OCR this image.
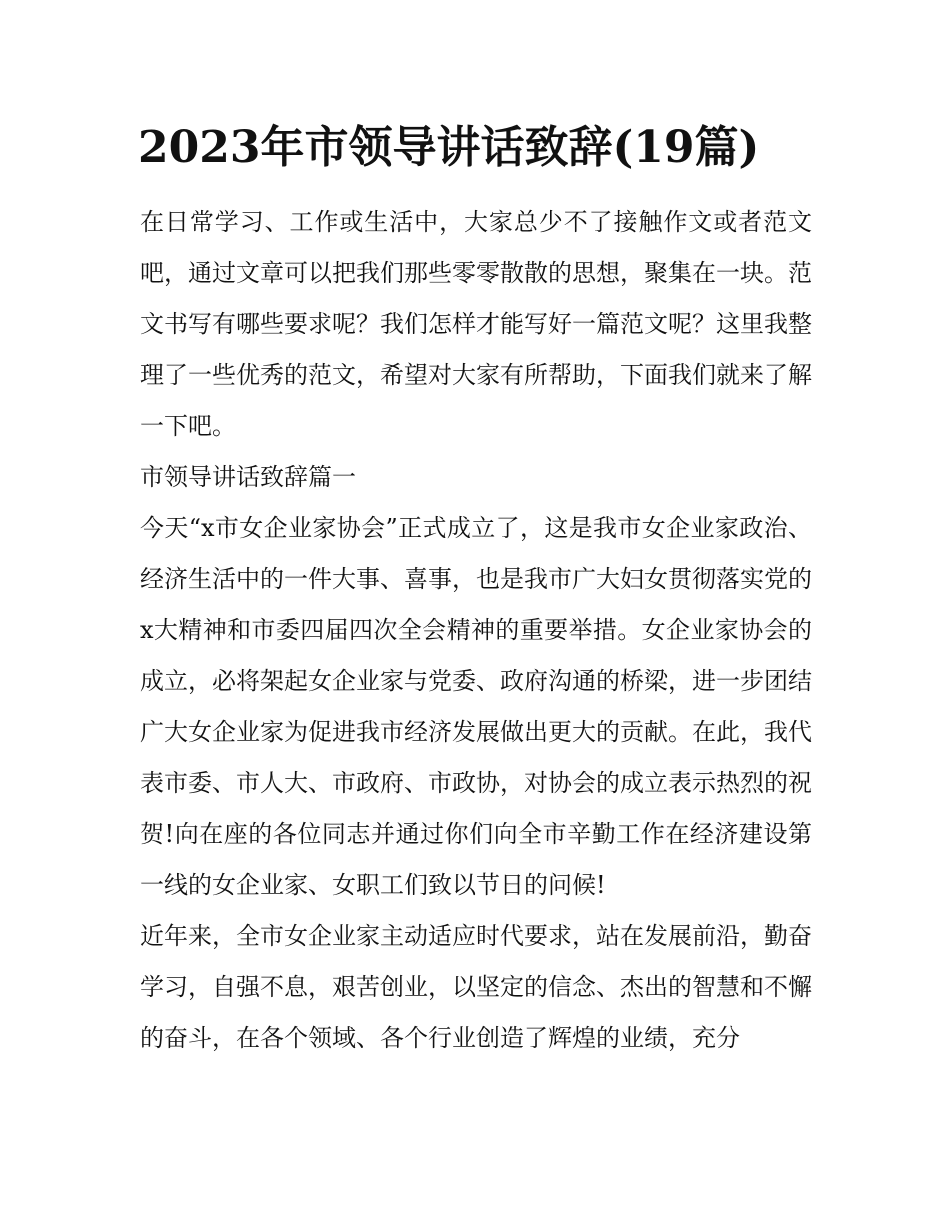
2023年市领导讲话致辞(19篇)

在日常学习、工作或生活中，大家总少不了接触作文或者范文吧，通过文章可以把我们那些零零散散的思想，聚集在一块。范文书写有哪些要求呢？我们怎样才能写好一篇范文呢？这里我整理了一些优秀的范文，希望对大家有所帮助，下面我们就来了解一下吧。

市领导讲话致辞篇一

今天“x市女企业家协会”正式成立了，这是我市女企业家政治、经济生活中的一件大事、喜事，也是我市广大妇女贯彻落实党的x大精神和市委四届四次全会精神的重要举措。女企业家协会的成立，必将架起女企业家与党委、政府沟通的桥梁，进一步团结广大女企业家为促进我市经济发展做出更大的贡献。在此，我代表市委、市人大、市政府、市政协，对协会的成立表示热烈的祝贺!向在座的各位同志并通过你们向全市辛勤工作在经济建设第一线的女企业家、女职工们致以节日的问候!

近年来，全市女企业家主动适应时代要求，站在发展前沿，勤奋学习，自强不息，艰苦创业，以坚定的信念、杰出的智慧和不懈的奋斗，在各个领域、各个行业创造了辉煌的业绩，充分
